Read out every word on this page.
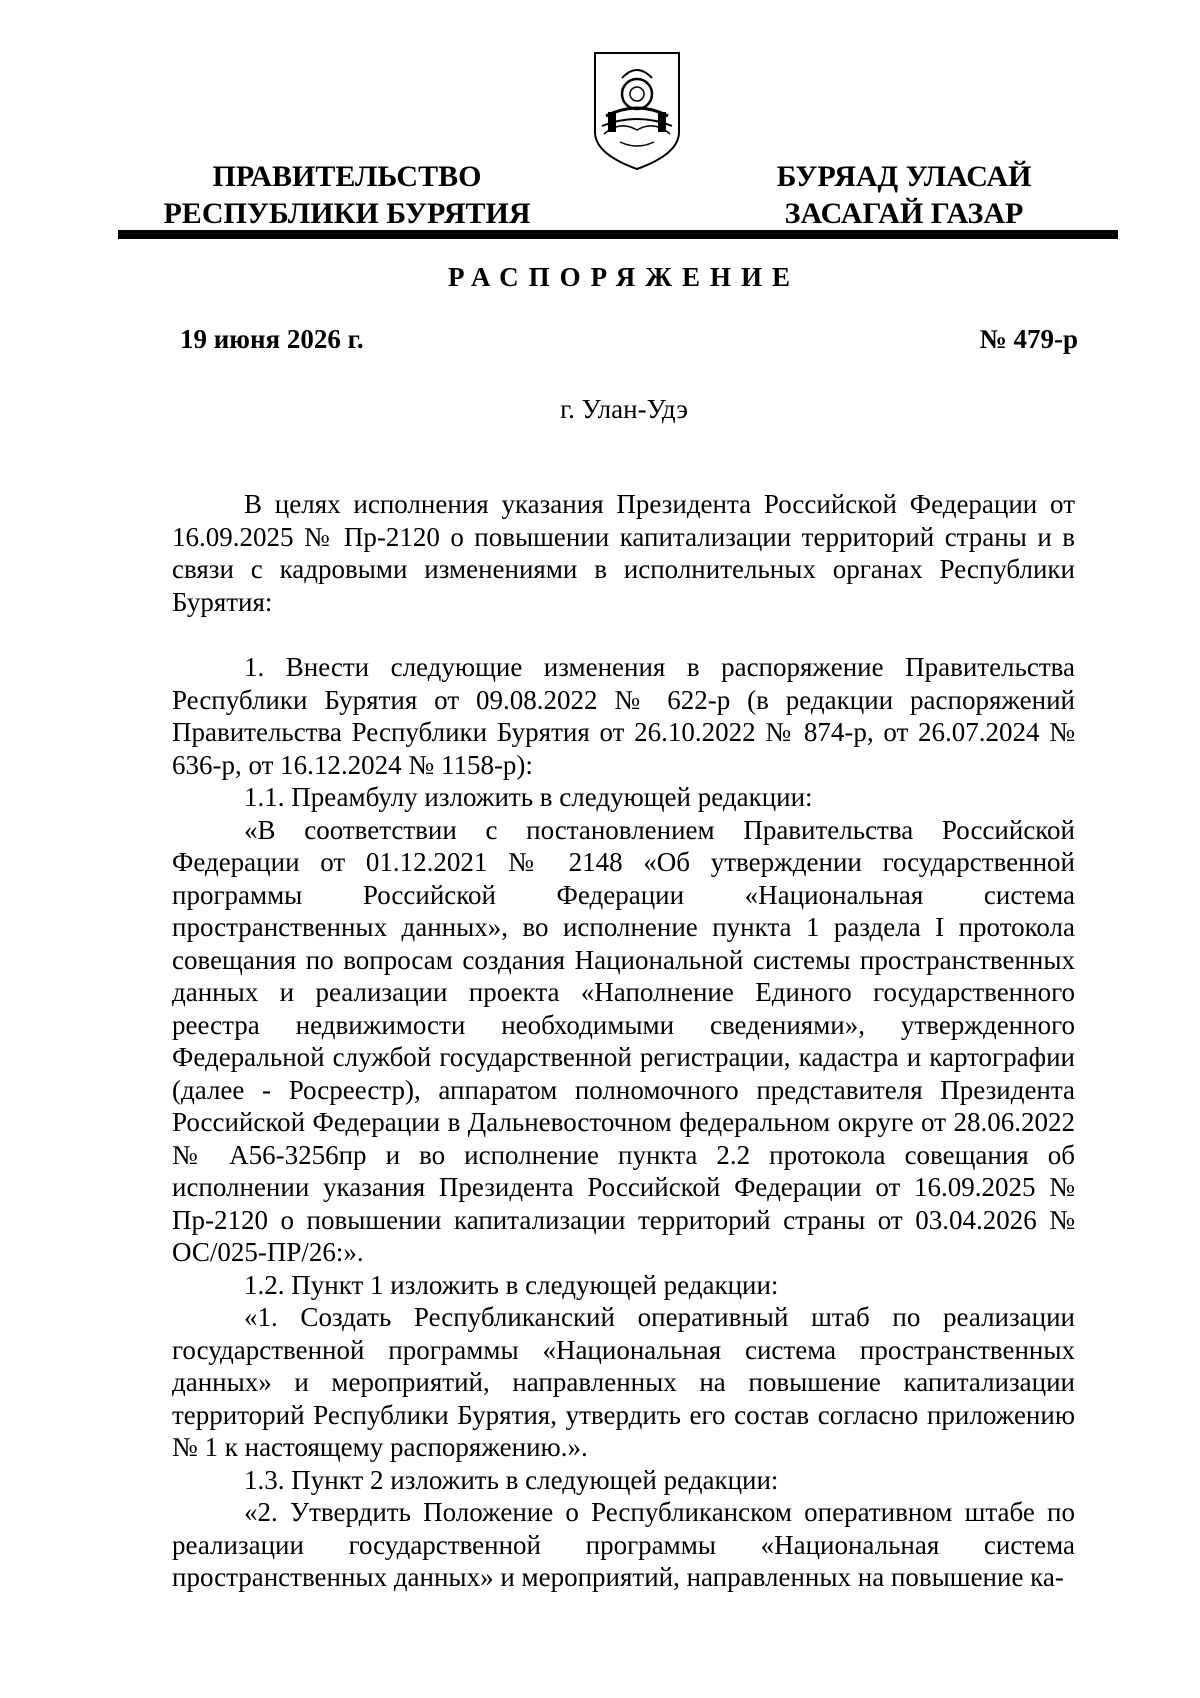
ПРАВИТЕЛЬСТВО
РЕСПУБЛИКИ БУРЯТИЯ
БУРЯАД УЛАСАЙ
ЗАСАГАЙ ГАЗАР
РАСПОРЯЖЕНИЕ
19 июня 2026 г.	№ 479-р
г. Улан-Удэ

В целях исполнения указания Президента Российской Федерации от 16.09.2025 № Пр-2120 о повышении капитализации территорий страны и в связи с кадровыми изменениями в исполнительных органах Республики Бурятия:

1. Внести следующие изменения в распоряжение Правительства Республики Бурятия от 09.08.2022 № 622-р (в редакции распоряжений Правительства Республики Бурятия от 26.10.2022 № 874-р, от 26.07.2024 № 636-р, от 16.12.2024 № 1158-р):

1.1. Преамбулу изложить в следующей редакции:

«В соответствии с постановлением Правительства Российской Федерации от 01.12.2021 № 2148 «Об утверждении государственной программы Российской Федерации «Национальная система пространственных данных», во исполнение пункта 1 раздела I протокола совещания по вопросам создания Национальной системы пространственных данных и реализации проекта «Наполнение Единого государственного реестра недвижимости необходимыми сведениями», утвержденного Федеральной службой государственной регистрации, кадастра и картографии (далее - Росреестр), аппаратом полномочного представителя Президента Российской Федерации в Дальневосточном федеральном округе от 28.06.2022 № А56-3256пр и во исполнение пункта 2.2 протокола совещания об исполнении указания Президента Российской Федерации от 16.09.2025 № Пр-2120 о повышении капитализации территорий страны от 03.04.2026 № ОС/025-ПР/26:».

1.2. Пункт 1 изложить в следующей редакции:

«1. Создать Республиканский оперативный штаб по реализации государственной программы «Национальная система пространственных данных» и мероприятий, направленных на повышение капитализации территорий Республики Бурятия, утвердить его состав согласно приложению № 1 к настоящему распоряжению.».

1.3. Пункт 2 изложить в следующей редакции:

«2. Утвердить Положение о Республиканском оперативном штабе по реализации государственной программы «Национальная система пространственных данных» и мероприятий, направленных на повышение ка-
